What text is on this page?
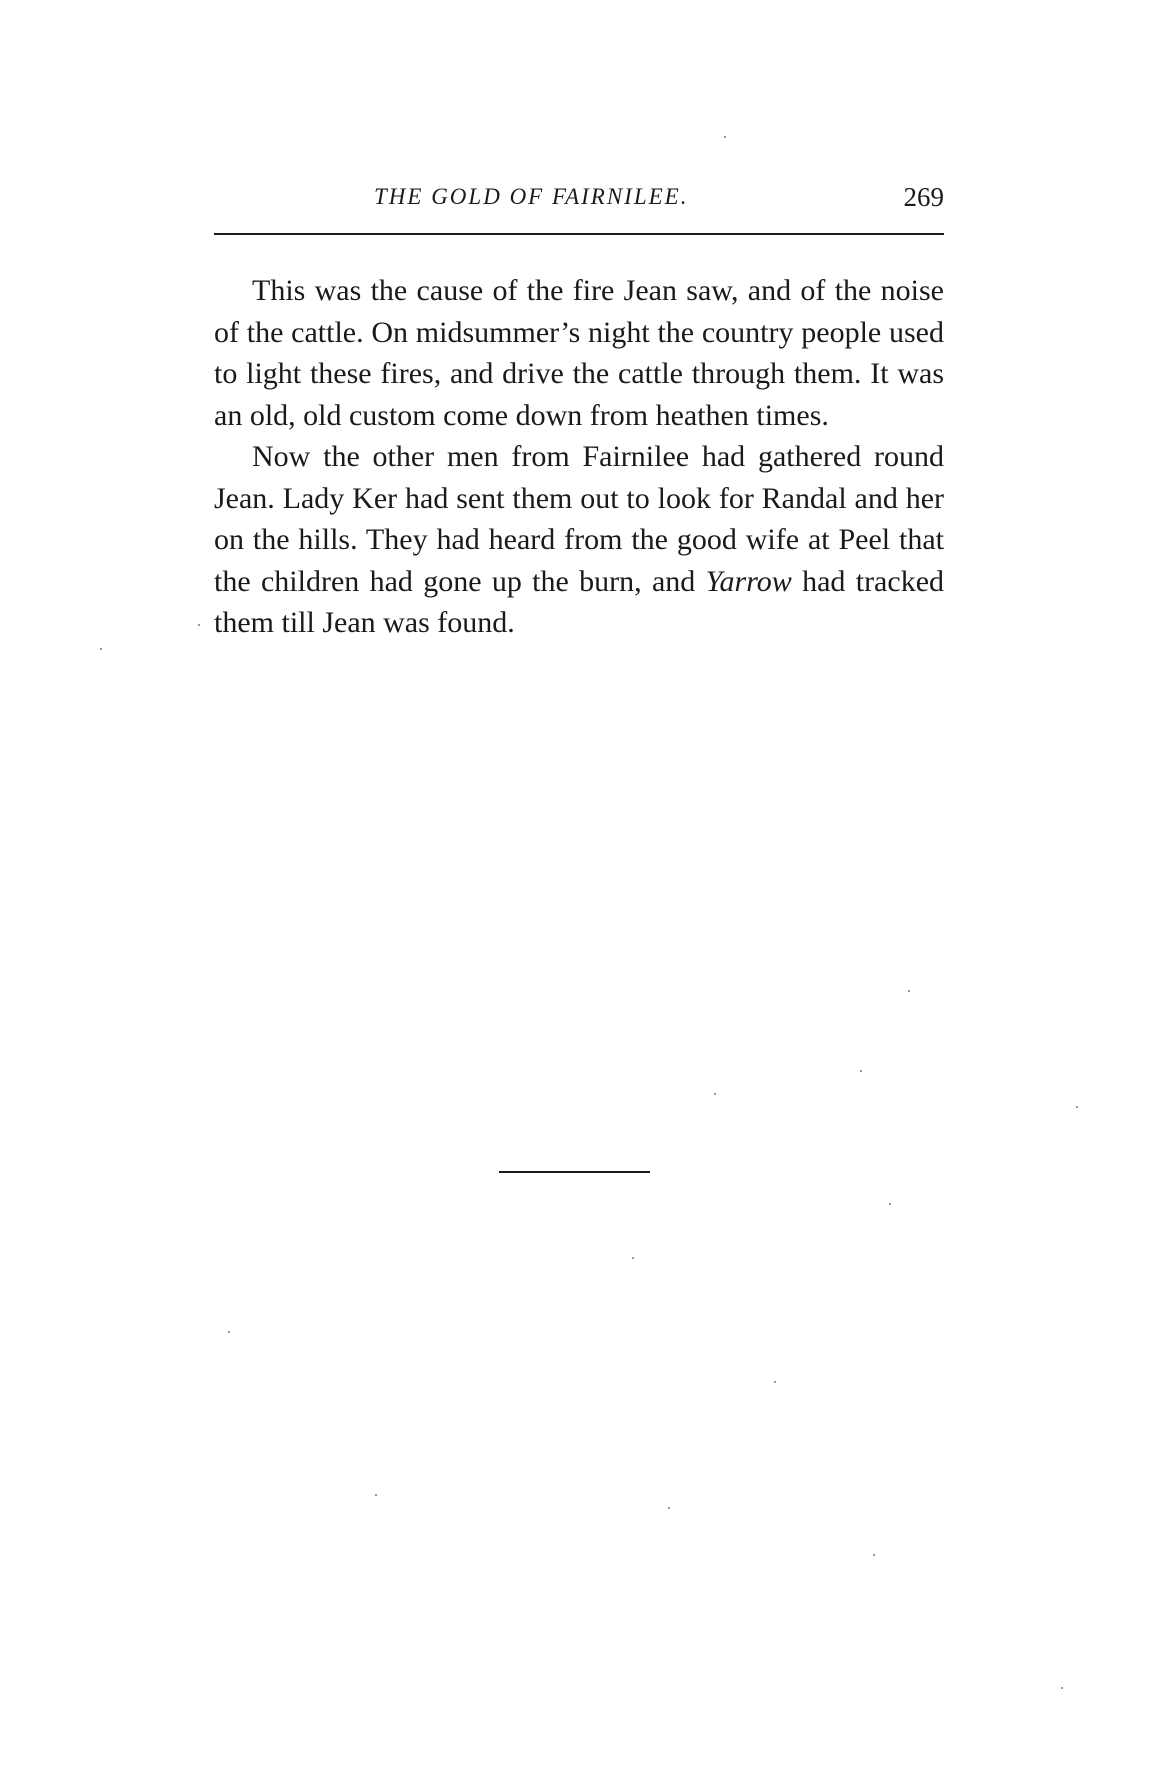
THE GOLD OF FAIRNILEE.	269

This was the cause of the fire Jean saw, and of the noise of the cattle. On midsummer’s night the country people used to light these fires, and drive the cattle through them. It was an old, old custom come down from heathen times.

Now the other men from Fairnilee had gathered round Jean. Lady Ker had sent them out to look for Randal and her on the hills. They had heard from the good wife at Peel that the children had gone up the burn, and Yarrow had tracked them till Jean was found.
